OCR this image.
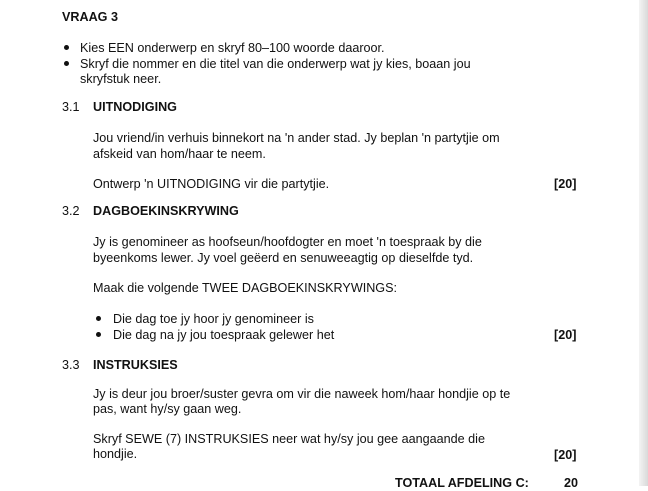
VRAAG 3
Kies EEN onderwerp en skryf 80–100 woorde daaroor.
Skryf die nommer en die titel van die onderwerp wat jy kies, boaan jou
skryfstuk neer.
3.1 UITNODIGING
Jou vriend/in verhuis binnekort na 'n ander stad. Jy beplan 'n partytjie om
afskeid van hom/haar te neem.
Ontwerp 'n UITNODIGING vir die partytjie.	[20]
3.2 DAGBOEKINSKRYWING
Jy is genomineer as hoofseun/hoofdogter en moet 'n toespraak by die
byeenkoms lewer. Jy voel geëerd en senuweeagtig op dieselfde tyd.
Maak die volgende TWEE DAGBOEKINSKRYWINGS:
Die dag toe jy hoor jy genomineer is
Die dag na jy jou toespraak gelewer het	[20]
3.3 INSTRUKSIES
Jy is deur jou broer/suster gevra om vir die naweek hom/haar hondjie op te
pas, want hy/sy gaan weg.
Skryf SEWE (7) INSTRUKSIES neer wat hy/sy jou gee aangaande die
hondjie.	[20]
TOTAAL AFDELING C:	20
